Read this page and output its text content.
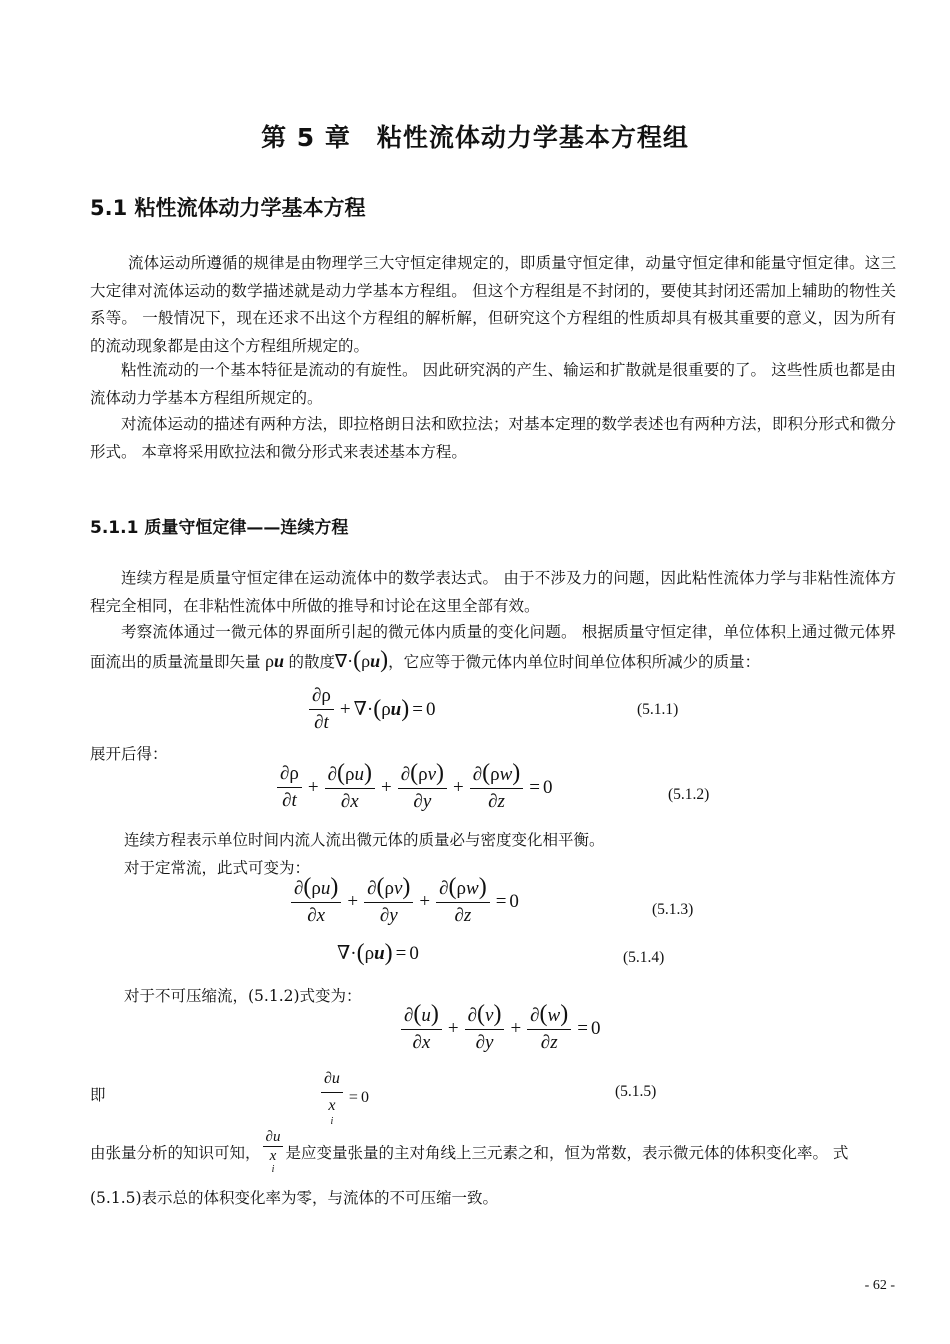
第 5 章　粘性流体动力学基本方程组
5.1 粘性流体动力学基本方程

流体运动所遵循的规律是由物理学三大守恒定律规定的，即质量守恒定律，动量守恒定律和能量守恒定律。这三大定律对流体运动的数学描述就是动力学基本方程组。 但这个方程组是不封闭的，要使其封闭还需加上辅助的物性关系等。 一般情况下，现在还求不出这个方程组的解析解，但研究这个方程组的性质却具有极其重要的意义，因为所有的流动现象都是由这个方程组所规定的。

粘性流动的一个基本特征是流动的有旋性。 因此研究涡的产生、输运和扩散就是很重要的了。 这些性质也都是由流体动力学基本方程组所规定的。

对流体运动的描述有两种方法，即拉格朗日法和欧拉法；对基本定理的数学表述也有两种方法，即积分形式和微分形式。 本章将采用欧拉法和微分形式来表述基本方程。

5.1.1 质量守恒定律——连续方程

连续方程是质量守恒定律在运动流体中的数学表达式。 由于不涉及力的问题，因此粘性流体力学与非粘性流体方程完全相同，在非粘性流体中所做的推导和讨论在这里全部有效。

考察流体通过一微元体的界面所引起的微元体内质量的变化问题。 根据质量守恒定律，单位体积上通过微元体界面流出的质量流量即矢量 ρu 的散度∇·(ρu)，它应等于微元体内单位时间单位体积所减少的质量：

$\frac{\partial\rho}{\partial t}$ + ∇· ( ρu ) = 0	(5.1.1)
展开后得：
$\frac{\partial\rho}{\partial t} + \frac{\partial(\rho u)}{\partial x} + \frac{\partial(\rho v)}{\partial y} + \frac{\partial(\rho w)}{\partial z} = 0$	(5.1.2)
连续方程表示单位时间内流人流出微元体的质量必与密度变化相平衡。
对于定常流，此式可变为：
$\frac{\partial(\rho u)}{\partial x} + \frac{\partial(\rho v)}{\partial y} + \frac{\partial(\rho w)}{\partial z} = 0$	(5.1.3)
∇· ( ρu ) = 0	(5.1.4)
对于不可压缩流，(5.1.2)式变为：
$\frac{\partial(u)}{\partial x} + \frac{\partial(v)}{\partial y} + \frac{\partial(w)}{\partial z} = 0$
即	∂u
x
i = 0	(5.1.5)
由张量分析的知识可知， ∂u
x
i 是应变量张量的主对角线上三元素之和，恒为常数，表示微元体的体积变化率。 式
(5.1.5)表示总的体积变化率为零，与流体的不可压缩一致。
- 62 -
